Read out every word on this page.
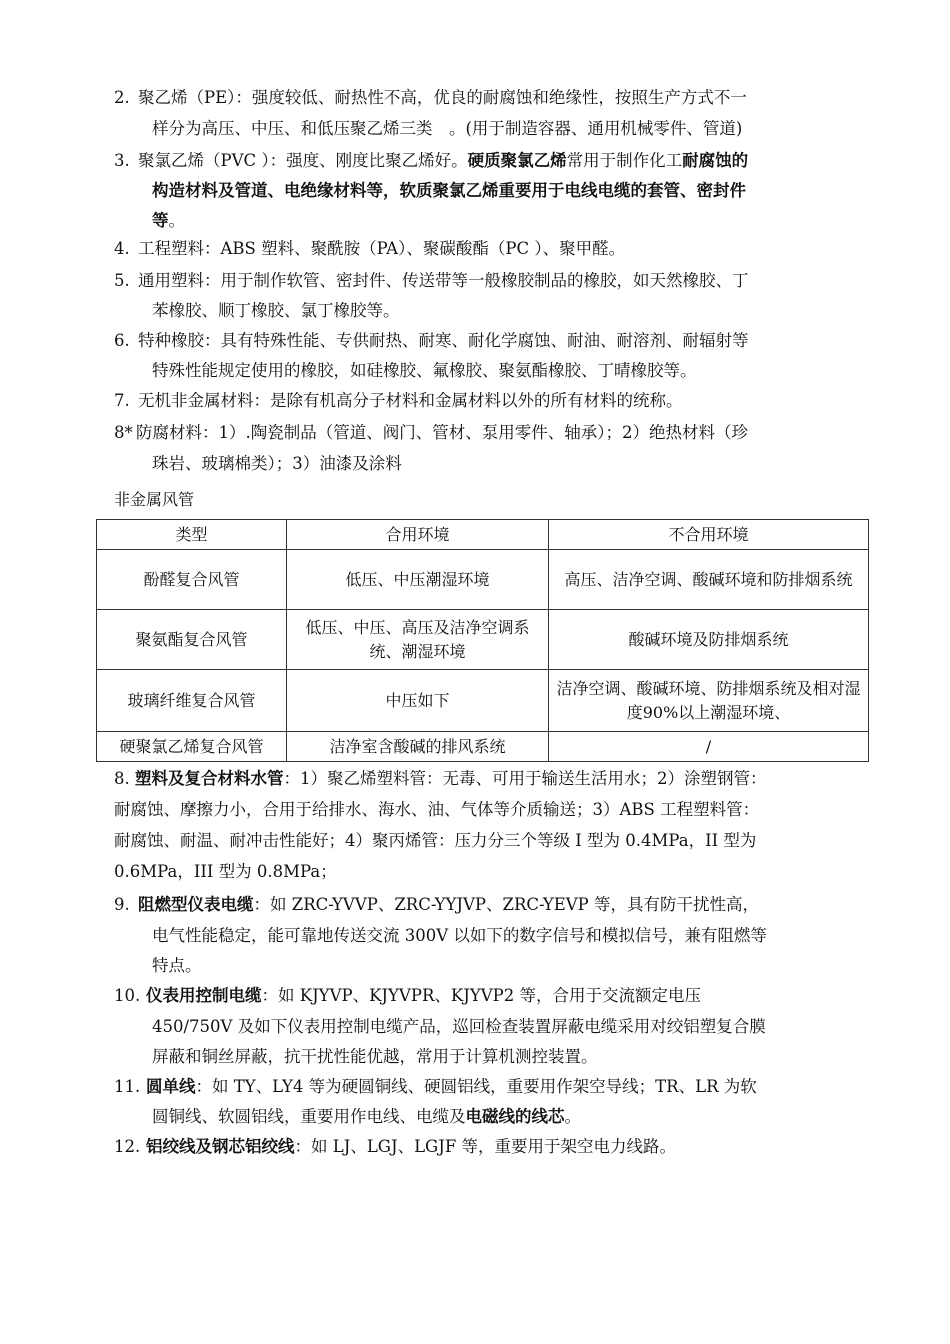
2. 聚乙烯（PE）：强度较低、耐热性不高，优良的耐腐蚀和绝缘性，按照生产方式不一
样分为高压、中压、和低压聚乙烯三类　。(用于制造容器、通用机械零件、管道)
3. 聚氯乙烯（PVC ）：强度、刚度比聚乙烯好。硬质聚氯乙烯常用于制作化工耐腐蚀的
构造材料及管道、电绝缘材料等，软质聚氯乙烯重要用于电线电缆的套管、密封件
等。
4. 工程塑料：ABS 塑料、聚酰胺（PA）、聚碳酸酯（PC ）、聚甲醛。
5. 通用塑料：用于制作软管、密封件、传送带等一般橡胶制品的橡胶，如天然橡胶、丁
苯橡胶、顺丁橡胶、氯丁橡胶等。
6. 特种橡胶：具有特殊性能、专供耐热、耐寒、耐化学腐蚀、耐油、耐溶剂、耐辐射等
特殊性能规定使用的橡胶，如硅橡胶、氟橡胶、聚氨酯橡胶、丁晴橡胶等。
7. 无机非金属材料：是除有机高分子材料和金属材料以外的所有材料的统称。
8* 防腐材料：1）.陶瓷制品（管道、阀门、管材、泵用零件、轴承）；2）绝热材料（珍
珠岩、玻璃棉类）；3）油漆及涂料
非金属风管
类型	合用环境	不合用环境
酚醛复合风管	低压、中压潮湿环境	高压、洁净空调、酸碱环境和防排烟系统
聚氨酯复合风管	低压、中压、高压及洁净空调系统、潮湿环境	酸碱环境及防排烟系统
玻璃纤维复合风管	中压如下	洁净空调、酸碱环境、防排烟系统及相对湿度90%以上潮湿环境、
硬聚氯乙烯复合风管	洁净室含酸碱的排风系统	/
8. 塑料及复合材料水管：1）聚乙烯塑料管：无毒、可用于输送生活用水；2）涂塑钢管：
耐腐蚀、摩擦力小，合用于给排水、海水、油、气体等介质输送；3）ABS 工程塑料管：
耐腐蚀、耐温、耐冲击性能好；4）聚丙烯管：压力分三个等级 I 型为 0.4MPa，II 型为
0.6MPa，III 型为 0.8MPa；
9. 阻燃型仪表电缆：如 ZRC-YVVP、ZRC-YYJVP、ZRC-YEVP 等，具有防干扰性高，
电气性能稳定，能可靠地传送交流 300V 以如下的数字信号和模拟信号，兼有阻燃等
特点。
10. 仪表用控制电缆：如 KJYVP、KJYVPR、KJYVP2 等，合用于交流额定电压
450/750V 及如下仪表用控制电缆产品，巡回检查装置屏蔽电缆采用对绞铝塑复合膜
屏蔽和铜丝屏蔽，抗干扰性能优越，常用于计算机测控装置。
11. 圆单线：如 TY、LY4 等为硬圆铜线、硬圆铝线，重要用作架空导线；TR、LR 为软
圆铜线、软圆铝线，重要用作电线、电缆及电磁线的线芯。
12. 铝绞线及钢芯铝绞线：如 LJ、LGJ、LGJF 等，重要用于架空电力线路。
